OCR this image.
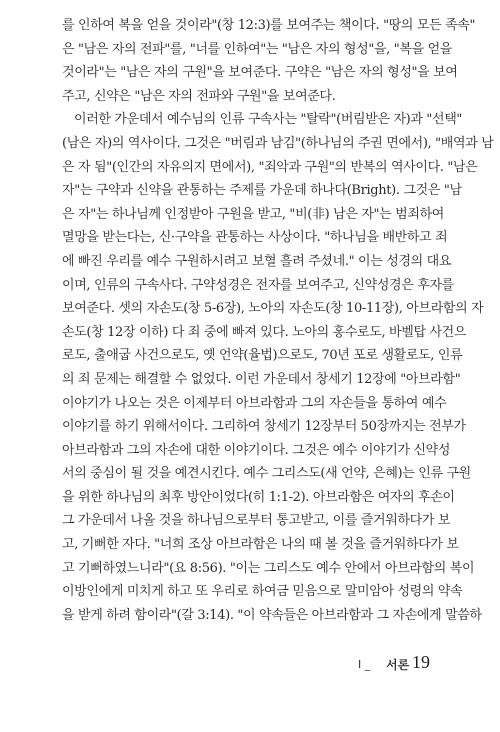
를 인하여 복을 얻을 것이라"(창 12:3)를 보여주는 책이다. "땅의 모든 족속"
은 "남은 자의 전파"를, "너를 인하여"는 "남은 자의 형성"을, "복을 얻을
것이라"는 "남은 자의 구원"을 보여준다. 구약은 "남은 자의 형성"을 보여
주고, 신약은 "남은 자의 전파와 구원"을 보여준다.
이러한 가운데서 예수님의 인류 구속사는 "탈락"(버림받은 자)과 "선택"
(남은 자)의 역사이다. 그것은 "버림과 남김"(하나님의 주권 면에서), "배역과 남
은 자 됨"(인간의 자유의지 면에서), "죄악과 구원"의 반복의 역사이다. "남은
자"는 구약과 신약을 관통하는 주제를 가운데 하나다(Bright). 그것은 "남
은 자"는 하나님께 인정받아 구원을 받고, "비(非) 남은 자"는 범죄하여
멸망을 받는다는, 신·구약을 관통하는 사상이다. "하나님을 배반하고 죄
에 빠진 우리를 예수 구원하시려고 보혈 흘려 주셨네." 이는 성경의 대요
이며, 인류의 구속사다. 구약성경은 전자를 보여주고, 신약성경은 후자를
보여준다. 셋의 자손도(창 5-6장), 노아의 자손도(창 10-11장), 아브라함의 자
손도(창 12장 이하) 다 죄 중에 빠져 있다. 노아의 홍수로도, 바벨탑 사건으
로도, 출애굽 사건으로도, 옛 언약(율법)으로도, 70년 포로 생활로도, 인류
의 죄 문제는 해결할 수 없었다. 이런 가운데서 창세기 12장에 "아브라함"
이야기가 나오는 것은 이제부터 아브라함과 그의 자손들을 통하여 예수
이야기를 하기 위해서이다. 그리하여 창세기 12장부터 50장까지는 전부가
아브라함과 그의 자손에 대한 이야기이다. 그것은 예수 이야기가 신약성
서의 중심이 될 것을 예견시킨다. 예수 그리스도(새 언약, 은혜)는 인류 구원
을 위한 하나님의 최후 방안이었다(히 1:1-2). 아브라함은 여자의 후손이
그 가운데서 나올 것을 하나님으로부터 통고받고, 이를 즐거워하다가 보
고, 기뻐한 자다. "너희 조상 아브라함은 나의 때 볼 것을 즐거워하다가 보
고 기뻐하였느니라"(요 8:56). "이는 그리스도 예수 안에서 아브라함의 복이
이방인에게 미치게 하고 또 우리로 하여금 믿음으로 말미암아 성령의 약속
을 받게 하려 함이라"(갈 3:14). "이 약속들은 아브라함과 그 자손에게 말씀하
I _ 서론 19
